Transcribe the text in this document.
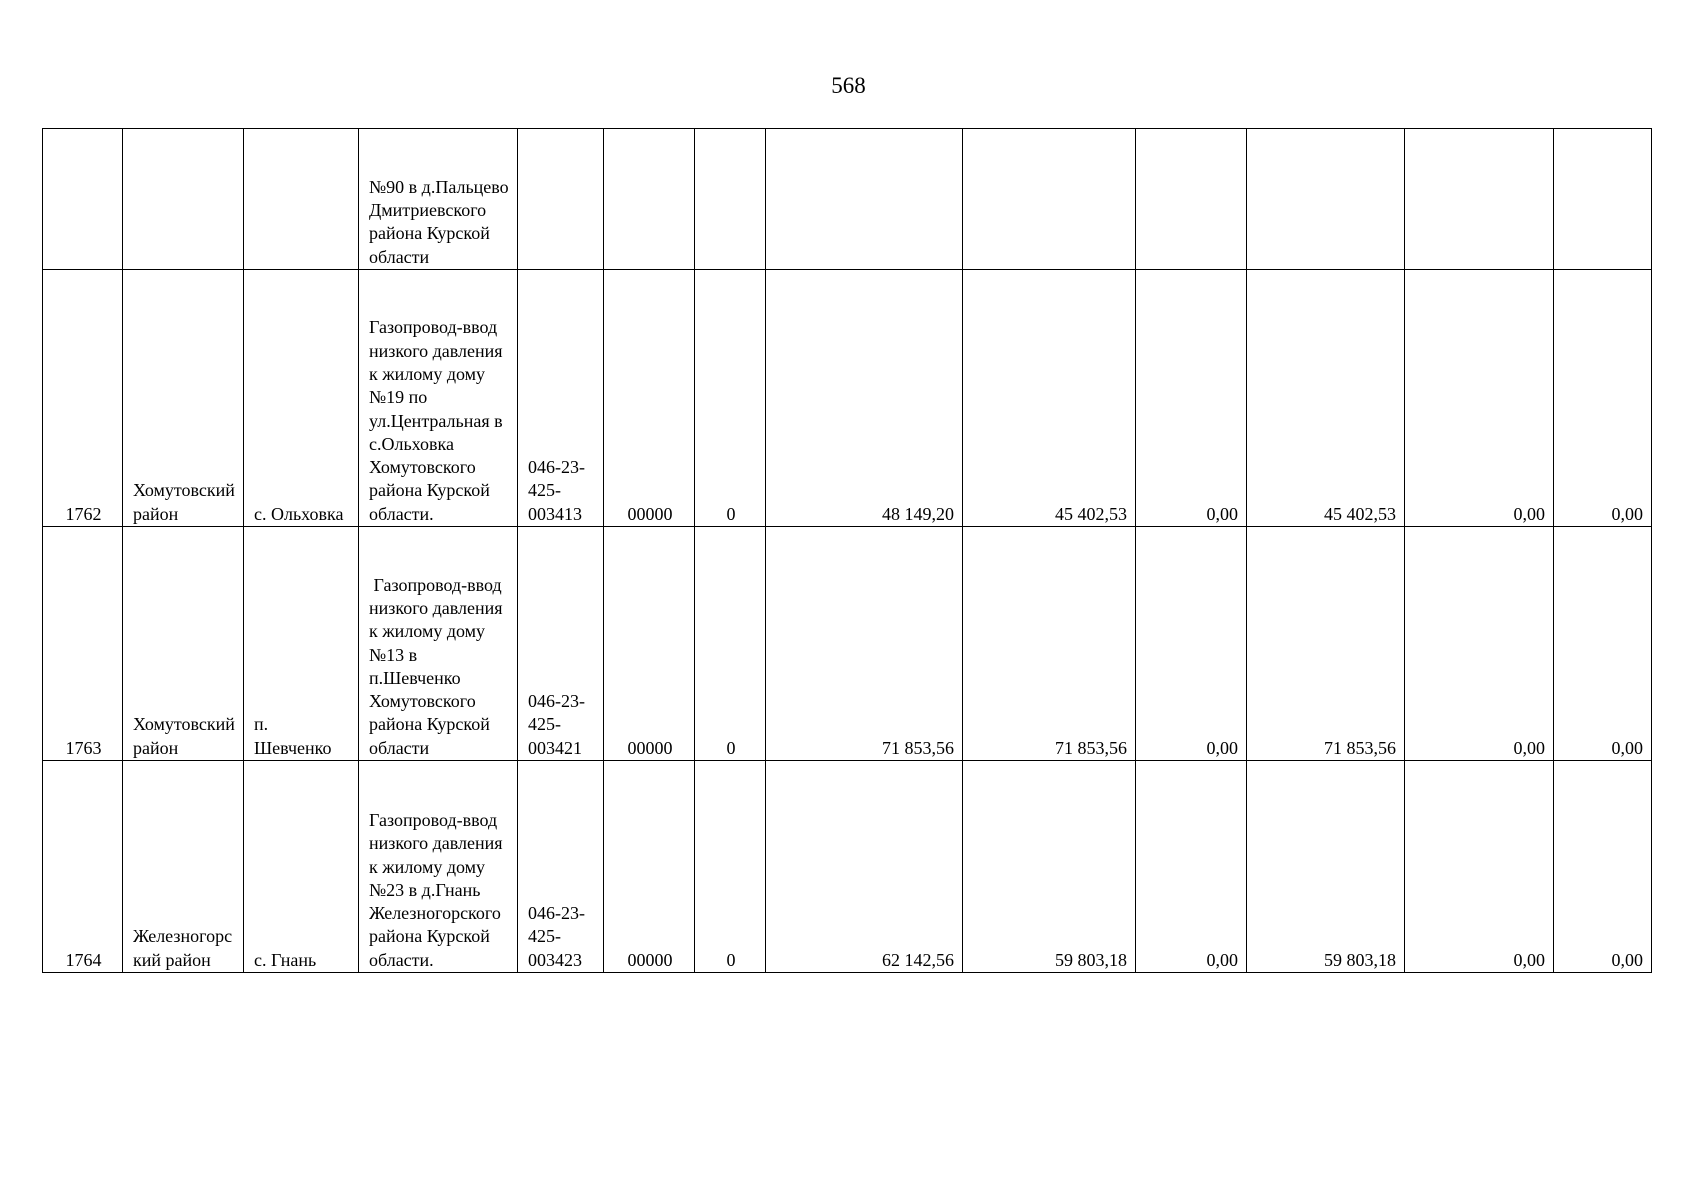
568

			№90 в д.Пальцево Дмитриевского района Курской области									

1762	Хомутовский район	с. Ольховка	Газопровод-ввод низкого давления к жилому дому №19 по ул.Центральная в с.Ольховка Хомутовского района Курской области.	046-23-425-003413	00000	0	48 149,20	45 402,53	0,00	45 402,53	0,00	0,00
1763	Хомутовский район	п. Шевченко	Газопровод-ввод низкого давления к жилому дому №13 в п.Шевченко Хомутовского района Курской области	046-23-425-003421	00000	0	71 853,56	71 853,56	0,00	71 853,56	0,00	0,00
1764	Железногорский район	с. Гнань	Газопровод-ввод низкого давления к жилому дому №23 в д.Гнань Железногорского района Курской области.	046-23-425-003423	00000	0	62 142,56	59 803,18	0,00	59 803,18	0,00	0,00
